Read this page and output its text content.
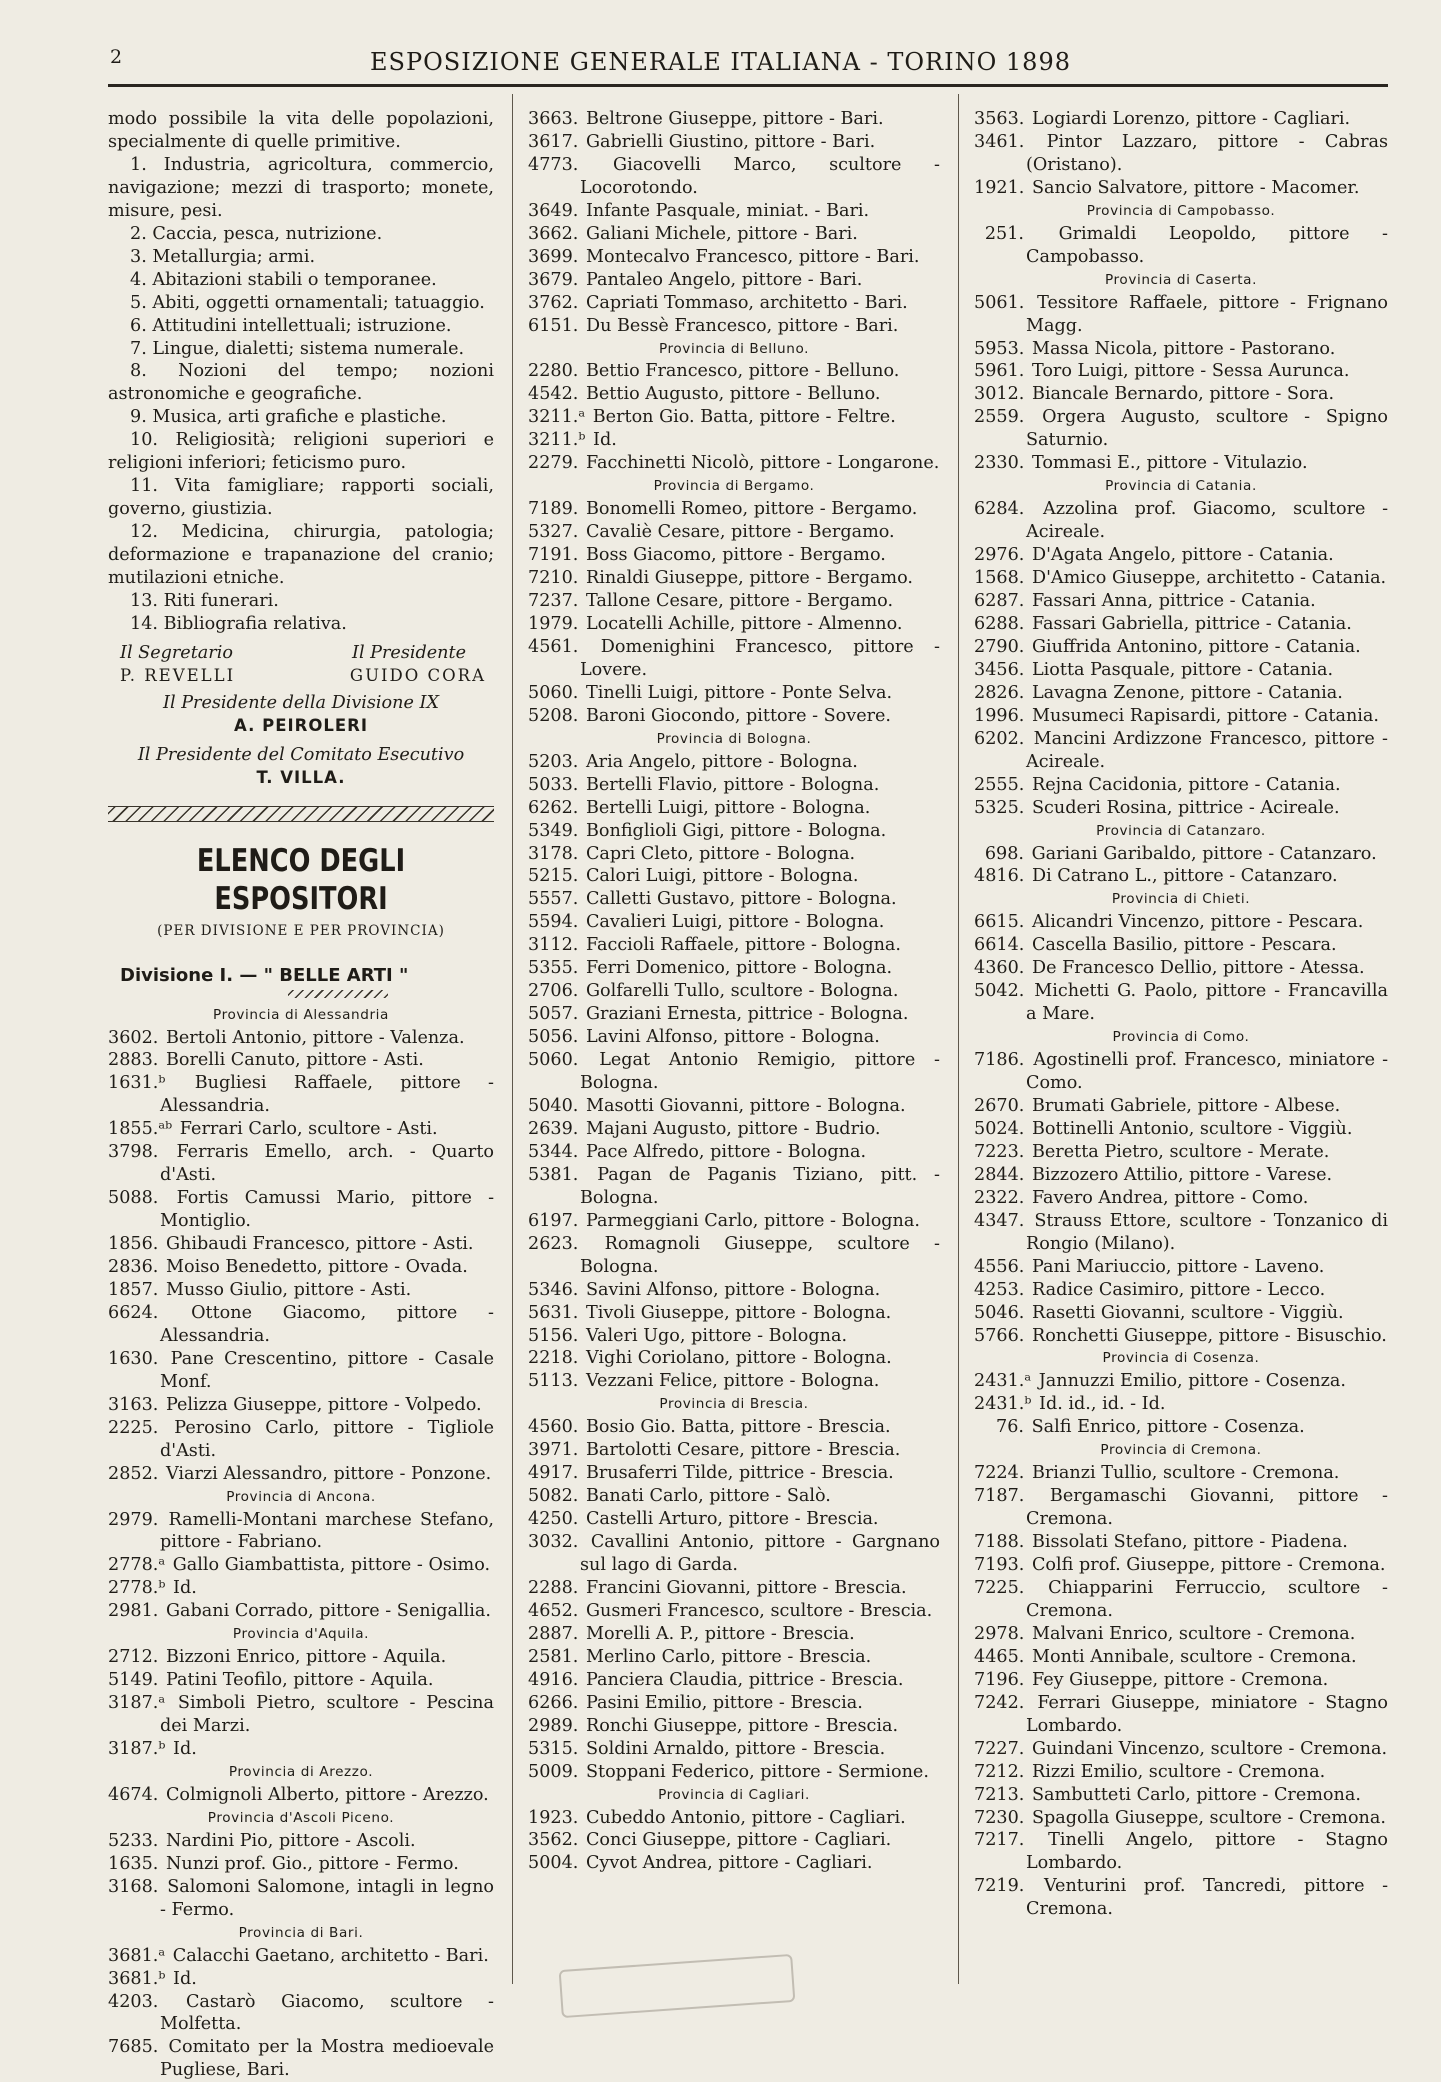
2	ESPOSIZIONE GENERALE ITALIANA - TORINO 1898

modo possibile la vita delle popolazioni, specialmente di quelle primitive.

1. Industria, agricoltura, commercio, navigazione; mezzi di trasporto; monete, misure, pesi.

2. Caccia, pesca, nutrizione.

3. Metallurgia; armi.

4. Abitazioni stabili o temporanee.

5. Abiti, oggetti ornamentali; tatuaggio.

6. Attitudini intellettuali; istruzione.

7. Lingue, dialetti; sistema numerale.

8. Nozioni del tempo; nozioni astronomiche e geografiche.

9. Musica, arti grafiche e plastiche.

10. Religiosità; religioni superiori e religioni inferiori; feticismo puro.

11. Vita famigliare; rapporti sociali, governo, giustizia.

12. Medicina, chirurgia, patologia; deformazione e trapanazione del cranio; mutilazioni etniche.

13. Riti funerari.

14. Bibliografia relativa.

Il Segretario	Il Presidente
P. REVELLI	GUIDO CORA
Il Presidente della Divisione IX
A. PEIROLERI
Il Presidente del Comitato Esecutivo
T. VILLA.
ELENCO DEGLI ESPOSITORI
(PER DIVISIONE E PER PROVINCIA)
Divisione I. — " BELLE ARTI "
Provincia di Alessandria

3602. Bertoli Antonio, pittore - Valenza.

2883. Borelli Canuto, pittore - Asti.

1631.ᵇ Bugliesi Raffaele, pittore - Alessandria.

1855.ᵃᵇ Ferrari Carlo, scultore - Asti.

3798. Ferraris Emello, arch. - Quarto d'Asti.

5088. Fortis Camussi Mario, pittore - Montiglio.

1856. Ghibaudi Francesco, pittore - Asti.

2836. Moiso Benedetto, pittore - Ovada.

1857. Musso Giulio, pittore - Asti.

6624. Ottone Giacomo, pittore - Alessandria.

1630. Pane Crescentino, pittore - Casale Monf.

3163. Pelizza Giuseppe, pittore - Volpedo.

2225. Perosino Carlo, pittore - Tigliole d'Asti.

2852. Viarzi Alessandro, pittore - Ponzone.

Provincia di Ancona.

2979. Ramelli-Montani marchese Stefano, pittore - Fabriano.

2778.ᵃ Gallo Giambattista, pittore - Osimo.

2778.ᵇ Id.

2981. Gabani Corrado, pittore - Senigallia.

Provincia d'Aquila.

2712. Bizzoni Enrico, pittore - Aquila.

5149. Patini Teofilo, pittore - Aquila.

3187.ᵃ Simboli Pietro, scultore - Pescina dei Marzi.

3187.ᵇ Id.

Provincia di Arezzo.

4674. Colmignoli Alberto, pittore - Arezzo.

Provincia d'Ascoli Piceno.

5233. Nardini Pio, pittore - Ascoli.

1635. Nunzi prof. Gio., pittore - Fermo.

3168. Salomoni Salomone, intagli in legno - Fermo.

Provincia di Bari.

3681.ᵃ Calacchi Gaetano, architetto - Bari.

3681.ᵇ Id.

4203. Castarò Giacomo, scultore - Molfetta.

7685. Comitato per la Mostra medioevale Pugliese, Bari.

3663. Beltrone Giuseppe, pittore - Bari.

3617. Gabrielli Giustino, pittore - Bari.

4773. Giacovelli Marco, scultore - Locorotondo.

3649. Infante Pasquale, miniat. - Bari.

3662. Galiani Michele, pittore - Bari.

3699. Montecalvo Francesco, pittore - Bari.

3679. Pantaleo Angelo, pittore - Bari.

3762. Capriati Tommaso, architetto - Bari.

6151. Du Bessè Francesco, pittore - Bari.

Provincia di Belluno.

2280. Bettio Francesco, pittore - Belluno.

4542. Bettio Augusto, pittore - Belluno.

3211.ᵃ Berton Gio. Batta, pittore - Feltre.

3211.ᵇ Id.

2279. Facchinetti Nicolò, pittore - Longarone.

Provincia di Bergamo.

7189. Bonomelli Romeo, pittore - Bergamo.

5327. Cavaliè Cesare, pittore - Bergamo.

7191. Boss Giacomo, pittore - Bergamo.

7210. Rinaldi Giuseppe, pittore - Bergamo.

7237. Tallone Cesare, pittore - Bergamo.

1979. Locatelli Achille, pittore - Almenno.

4561. Domenighini Francesco, pittore - Lovere.

5060. Tinelli Luigi, pittore - Ponte Selva.

5208. Baroni Giocondo, pittore - Sovere.

Provincia di Bologna.

5203. Aria Angelo, pittore - Bologna.

5033. Bertelli Flavio, pittore - Bologna.

6262. Bertelli Luigi, pittore - Bologna.

5349. Bonfiglioli Gigi, pittore - Bologna.

3178. Capri Cleto, pittore - Bologna.

5215. Calori Luigi, pittore - Bologna.

5557. Calletti Gustavo, pittore - Bologna.

5594. Cavalieri Luigi, pittore - Bologna.

3112. Faccioli Raffaele, pittore - Bologna.

5355. Ferri Domenico, pittore - Bologna.

2706. Golfarelli Tullo, scultore - Bologna.

5057. Graziani Ernesta, pittrice - Bologna.

5056. Lavini Alfonso, pittore - Bologna.

5060. Legat Antonio Remigio, pittore - Bologna.

5040. Masotti Giovanni, pittore - Bologna.

2639. Majani Augusto, pittore - Budrio.

5344. Pace Alfredo, pittore - Bologna.

5381. Pagan de Paganis Tiziano, pitt. - Bologna.

6197. Parmeggiani Carlo, pittore - Bologna.

2623. Romagnoli Giuseppe, scultore - Bologna.

5346. Savini Alfonso, pittore - Bologna.

5631. Tivoli Giuseppe, pittore - Bologna.

5156. Valeri Ugo, pittore - Bologna.

2218. Vighi Coriolano, pittore - Bologna.

5113. Vezzani Felice, pittore - Bologna.

Provincia di Brescia.

4560. Bosio Gio. Batta, pittore - Brescia.

3971. Bartolotti Cesare, pittore - Brescia.

4917. Brusaferri Tilde, pittrice - Brescia.

5082. Banati Carlo, pittore - Salò.

4250. Castelli Arturo, pittore - Brescia.

3032. Cavallini Antonio, pittore - Gargnano sul lago di Garda.

2288. Francini Giovanni, pittore - Brescia.

4652. Gusmeri Francesco, scultore - Brescia.

2887. Morelli A. P., pittore - Brescia.

2581. Merlino Carlo, pittore - Brescia.

4916. Panciera Claudia, pittrice - Brescia.

6266. Pasini Emilio, pittore - Brescia.

2989. Ronchi Giuseppe, pittore - Brescia.

5315. Soldini Arnaldo, pittore - Brescia.

5009. Stoppani Federico, pittore - Sermione.

Provincia di Cagliari.

1923. Cubeddo Antonio, pittore - Cagliari.

3562. Conci Giuseppe, pittore - Cagliari.

5004. Cyvot Andrea, pittore - Cagliari.

3563. Logiardi Lorenzo, pittore - Cagliari.

3461. Pintor Lazzaro, pittore - Cabras (Oristano).

1921. Sancio Salvatore, pittore - Macomer.

Provincia di Campobasso.

251. Grimaldi Leopoldo, pittore - Campobasso.

Provincia di Caserta.

5061. Tessitore Raffaele, pittore - Frignano Magg.

5953. Massa Nicola, pittore - Pastorano.

5961. Toro Luigi, pittore - Sessa Aurunca.

3012. Biancale Bernardo, pittore - Sora.

2559. Orgera Augusto, scultore - Spigno Saturnio.

2330. Tommasi E., pittore - Vitulazio.

Provincia di Catania.

6284. Azzolina prof. Giacomo, scultore - Acireale.

2976. D'Agata Angelo, pittore - Catania.

1568. D'Amico Giuseppe, architetto - Catania.

6287. Fassari Anna, pittrice - Catania.

6288. Fassari Gabriella, pittrice - Catania.

2790. Giuffrida Antonino, pittore - Catania.

3456. Liotta Pasquale, pittore - Catania.

2826. Lavagna Zenone, pittore - Catania.

1996. Musumeci Rapisardi, pittore - Catania.

6202. Mancini Ardizzone Francesco, pittore - Acireale.

2555. Rejna Cacidonia, pittore - Catania.

5325. Scuderi Rosina, pittrice - Acireale.

Provincia di Catanzaro.

698. Gariani Garibaldo, pittore - Catanzaro.

4816. Di Catrano L., pittore - Catanzaro.

Provincia di Chieti.

6615. Alicandri Vincenzo, pittore - Pescara.

6614. Cascella Basilio, pittore - Pescara.

4360. De Francesco Dellio, pittore - Atessa.

5042. Michetti G. Paolo, pittore - Francavilla a Mare.

Provincia di Como.

7186. Agostinelli prof. Francesco, miniatore - Como.

2670. Brumati Gabriele, pittore - Albese.

5024. Bottinelli Antonio, scultore - Viggiù.

7223. Beretta Pietro, scultore - Merate.

2844. Bizzozero Attilio, pittore - Varese.

2322. Favero Andrea, pittore - Como.

4347. Strauss Ettore, scultore - Tonzanico di Rongio (Milano).

4556. Pani Mariuccio, pittore - Laveno.

4253. Radice Casimiro, pittore - Lecco.

5046. Rasetti Giovanni, scultore - Viggiù.

5766. Ronchetti Giuseppe, pittore - Bisuschio.

Provincia di Cosenza.

2431.ᵃ Jannuzzi Emilio, pittore - Cosenza.

2431.ᵇ Id. id., id. - Id.

76. Salfi Enrico, pittore - Cosenza.

Provincia di Cremona.

7224. Brianzi Tullio, scultore - Cremona.

7187. Bergamaschi Giovanni, pittore - Cremona.

7188. Bissolati Stefano, pittore - Piadena.

7193. Colfi prof. Giuseppe, pittore - Cremona.

7225. Chiapparini Ferruccio, scultore - Cremona.

2978. Malvani Enrico, scultore - Cremona.

4465. Monti Annibale, scultore - Cremona.

7196. Fey Giuseppe, pittore - Cremona.

7242. Ferrari Giuseppe, miniatore - Stagno Lombardo.

7227. Guindani Vincenzo, scultore - Cremona.

7212. Rizzi Emilio, scultore - Cremona.

7213. Sambutteti Carlo, pittore - Cremona.

7230. Spagolla Giuseppe, scultore - Cremona.

7217. Tinelli Angelo, pittore - Stagno Lombardo.

7219. Venturini prof. Tancredi, pittore - Cremona.
